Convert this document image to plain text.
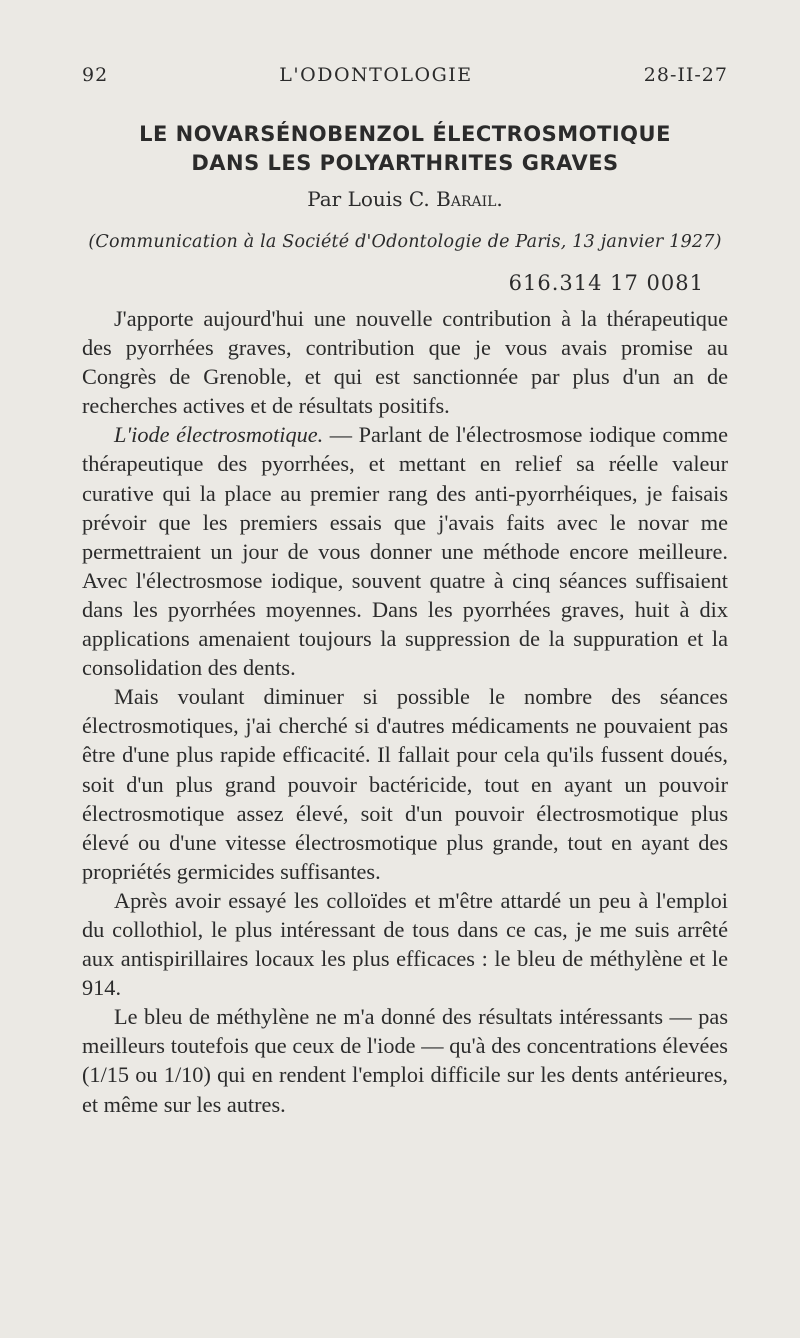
92	L'ODONTOLOGIE	28-II-27
LE NOVARSÉNOBENZOL ÉLECTROSMOTIQUE
DANS LES POLYARTHRITES GRAVES
Par Louis C. Barail.
(Communication à la Société d'Odontologie de Paris, 13 janvier 1927)
616.314 17 0081

J'apporte aujourd'hui une nouvelle contribution à la thérapeutique des pyorrhées graves, contribution que je vous avais promise au Congrès de Grenoble, et qui est sanctionnée par plus d'un an de recherches actives et de résultats positifs.

L'iode électrosmotique. — Parlant de l'électrosmose iodique comme thérapeutique des pyorrhées, et mettant en relief sa réelle valeur curative qui la place au premier rang des anti-pyorrhéiques, je faisais prévoir que les premiers essais que j'avais faits avec le novar me permettraient un jour de vous donner une méthode encore meilleure. Avec l'électrosmose iodique, souvent quatre à cinq séances suffisaient dans les pyorrhées moyennes. Dans les pyorrhées graves, huit à dix applications amenaient toujours la suppression de la suppuration et la consolidation des dents.

Mais voulant diminuer si possible le nombre des séances électrosmotiques, j'ai cherché si d'autres médicaments ne pouvaient pas être d'une plus rapide efficacité. Il fallait pour cela qu'ils fussent doués, soit d'un plus grand pouvoir bactéricide, tout en ayant un pouvoir électrosmotique assez élevé, soit d'un pouvoir électrosmotique plus élevé ou d'une vitesse électrosmotique plus grande, tout en ayant des propriétés germicides suffisantes.

Après avoir essayé les colloïdes et m'être attardé un peu à l'emploi du collothiol, le plus intéressant de tous dans ce cas, je me suis arrêté aux antispirillaires locaux les plus efficaces : le bleu de méthylène et le 914.

Le bleu de méthylène ne m'a donné des résultats intéressants — pas meilleurs toutefois que ceux de l'iode — qu'à des concentrations élevées (1/15 ou 1/10) qui en rendent l'emploi difficile sur les dents antérieures, et même sur les autres.
